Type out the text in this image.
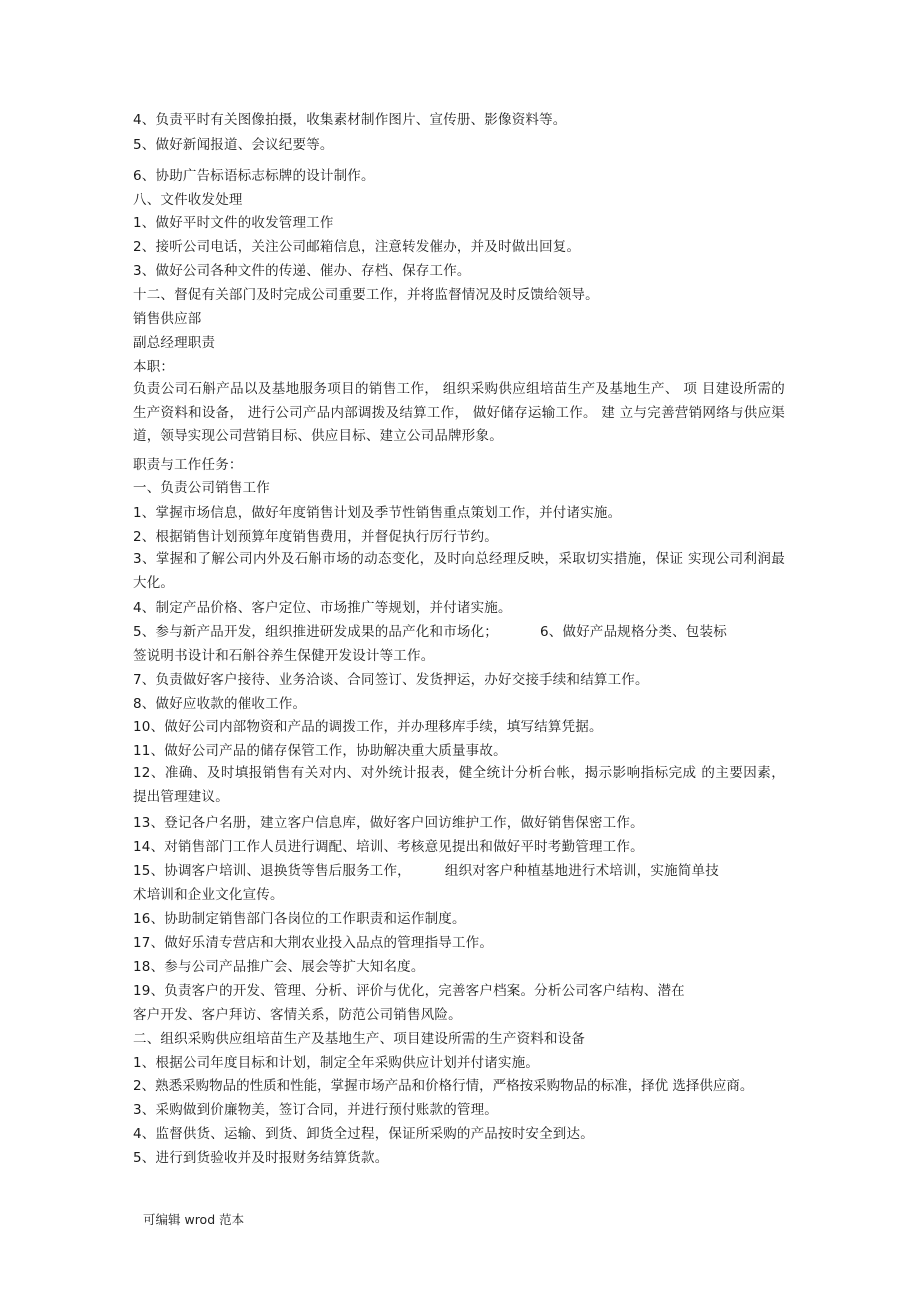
4、负责平时有关图像拍摄，收集素材制作图片、宣传册、影像资料等。
5、做好新闻报道、会议纪要等。
6、协助广告标语标志标牌的设计制作。
八、文件收发处理
1、做好平时文件的收发管理工作
2、接听公司电话，关注公司邮箱信息，注意转发催办，并及时做出回复。
3、做好公司各种文件的传递、催办、存档、保存工作。
十二、督促有关部门及时完成公司重要工作，并将监督情况及时反馈给领导。
销售供应部
副总经理职责
本职：
负责公司石斛产品以及基地服务项目的销售工作， 组织采购供应组培苗生产及基地生产、 项 目建设所需的生产资料和设备， 进行公司产品内部调拨及结算工作， 做好储存运输工作。 建 立与完善营销网络与供应渠道，领导实现公司营销目标、供应目标、建立公司品牌形象。
职责与工作任务：
一、负责公司销售工作
1、掌握市场信息，做好年度销售计划及季节性销售重点策划工作，并付诸实施。
2、根据销售计划预算年度销售费用，并督促执行厉行节约。
3、掌握和了解公司内外及石斛市场的动态变化，及时向总经理反映，采取切实措施，保证 实现公司利润最大化。
4、制定产品价格、客户定位、市场推广等规划，并付诸实施。
5、参与新产品开发，组织推进研发成果的品产化和市场化；	6、做好产品规格分类、包装标
签说明书设计和石斛谷养生保健开发设计等工作。
7、负责做好客户接待、业务洽谈、合同签订、发货押运，办好交接手续和结算工作。
8、做好应收款的催收工作。
10、做好公司内部物资和产品的调拨工作，并办理移库手续，填写结算凭据。
11、做好公司产品的储存保管工作，协助解决重大质量事故。
12、准确、及时填报销售有关对内、对外统计报表，健全统计分析台帐，揭示影响指标完成 的主要因素，提出管理建议。
13、登记各户名册，建立客户信息库，做好客户回访维护工作，做好销售保密工作。
14、对销售部门工作人员进行调配、培训、考核意见提出和做好平时考勤管理工作。
15、协调客户培训、退换货等售后服务工作，	组织对客户种植基地进行术培训，实施简单技
术培训和企业文化宣传。
16、协助制定销售部门各岗位的工作职责和运作制度。
17、做好乐清专营店和大荆农业投入品点的管理指导工作。
18、参与公司产品推广会、展会等扩大知名度。
19、负责客户的开发、管理、分析、评价与优化，完善客户档案。分析公司客户结构、潜在
客户开发、客户拜访、客情关系，防范公司销售风险。
二、组织采购供应组培苗生产及基地生产、项目建设所需的生产资料和设备
1、根据公司年度目标和计划，制定全年采购供应计划并付诸实施。
2、熟悉采购物品的性质和性能，掌握市场产品和价格行情，严格按采购物品的标准，择优 选择供应商。
3、采购做到价廉物美，签订合同，并进行预付账款的管理。
4、监督供货、运输、到货、卸货全过程，保证所采购的产品按时安全到达。
5、进行到货验收并及时报财务结算货款。
可编辑 wrod 范本
